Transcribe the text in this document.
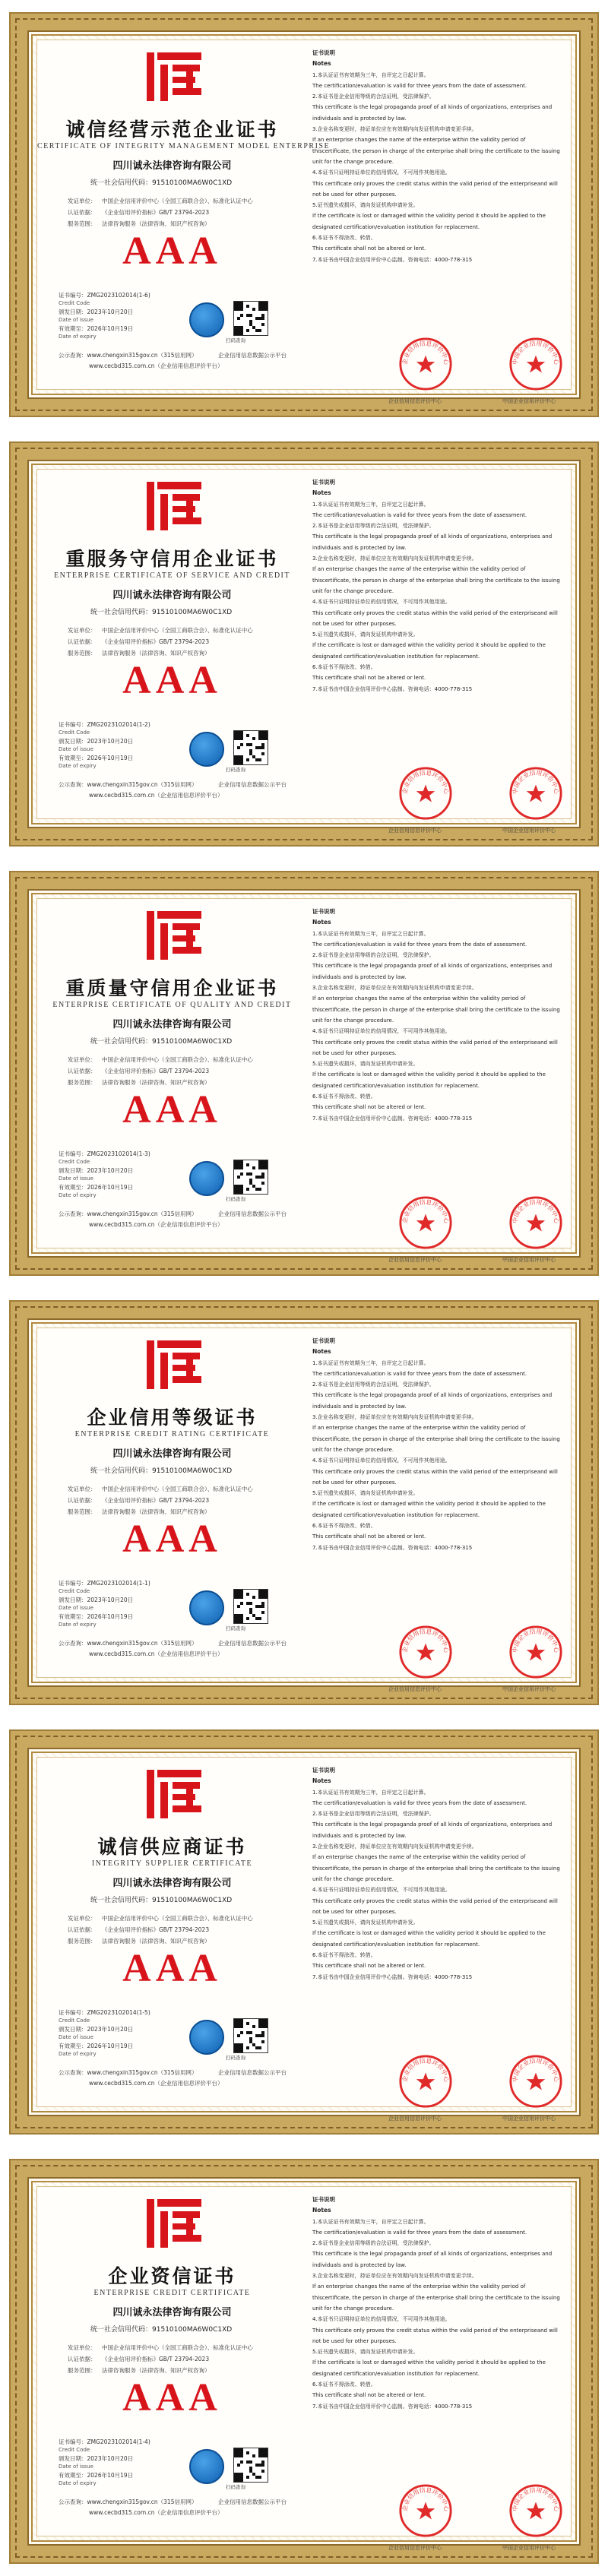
诚信经营示范企业证书
CERTIFICATE OF INTEGRITY MANAGEMENT MODEL ENTERPRISE
四川诚永法律咨询有限公司
统一社会信用代码：91510100MA6W0C1XD
发证单位： 中国企业信用评价中心（全国工商联合会）、标准化认证中心
认证依据： 《企业信用评价指标》GB/T 23794-2023
服务范围： 法律咨询服务（法律咨询、知识产权咨询）
AAA
证书编号：ZMG2023102014(1-6)
Credit Code
颁发日期：2023年10月20日
Date of issue
有效期至：2026年10月19日
Date of expiry
扫码查询
公示查询：www.chengxin315gov.cn（315信用网）
www.cecbd315.com.cn（企业信用信息评价平台）
企业信用信息数据公示平台
证书说明
Notes
1.本认证证书有效期为三年，自评定之日起计算。
The certification/evaluation is valid for three years from the date of assessment.
2.本证书是企业信用等级的合法证明，受法律保护。
This certificate is the legal propaganda proof of all kinds of organizations, enterprises and
individuals and is protected by law.
3.企业名称变更时，持证单位应在有效期内向发证机构申请变更手续。
If an enterprise changes the name of the enterprise within the validity period of
thiscertificate, the person in charge of the enterprise shall bring the certificate to the issuing
unit for the change procedure.
4.本证书只证明持证单位的信用情况，不可用作其他用途。
This certificate only proves the credit status within the valid period of the enterpriseand will
not be used for other purposes.
5.证书遗失或损坏，请向发证机构申请补发。
If the certificate is lost or damaged within the validity period it should be applied to the
designated certification/evaluation institution for replacement.
6.本证书不得涂改、转借。
This certificate shall not be altered or lent.
7.本证书由中国企业信用评价中心监制。咨询电话：4000-778-315
企业信用信息评价中心	中国企业信用评价中心
企业信用信息评价中心	中国企业信用评价中心
重服务守信用企业证书
ENTERPRISE CERTIFICATE OF SERVICE AND CREDIT
四川诚永法律咨询有限公司
统一社会信用代码：91510100MA6W0C1XD
发证单位： 中国企业信用评价中心（全国工商联合会）、标准化认证中心
认证依据： 《企业信用评价指标》GB/T 23794-2023
服务范围： 法律咨询服务（法律咨询、知识产权咨询）
AAA
证书编号：ZMG2023102014(1-2)
Credit Code
颁发日期：2023年10月20日
Date of issue
有效期至：2026年10月19日
Date of expiry
扫码查询
公示查询：www.chengxin315gov.cn（315信用网）
www.cecbd315.com.cn（企业信用信息评价平台）
企业信用信息数据公示平台
证书说明
Notes
1.本认证证书有效期为三年，自评定之日起计算。
The certification/evaluation is valid for three years from the date of assessment.
2.本证书是企业信用等级的合法证明，受法律保护。
This certificate is the legal propaganda proof of all kinds of organizations, enterprises and
individuals and is protected by law.
3.企业名称变更时，持证单位应在有效期内向发证机构申请变更手续。
If an enterprise changes the name of the enterprise within the validity period of
thiscertificate, the person in charge of the enterprise shall bring the certificate to the issuing
unit for the change procedure.
4.本证书只证明持证单位的信用情况，不可用作其他用途。
This certificate only proves the credit status within the valid period of the enterpriseand will
not be used for other purposes.
5.证书遗失或损坏，请向发证机构申请补发。
If the certificate is lost or damaged within the validity period it should be applied to the
designated certification/evaluation institution for replacement.
6.本证书不得涂改、转借。
This certificate shall not be altered or lent.
7.本证书由中国企业信用评价中心监制。咨询电话：4000-778-315
企业信用信息评价中心	中国企业信用评价中心
企业信用信息评价中心	中国企业信用评价中心
重质量守信用企业证书
ENTERPRISE CERTIFICATE OF QUALITY AND CREDIT
四川诚永法律咨询有限公司
统一社会信用代码：91510100MA6W0C1XD
发证单位： 中国企业信用评价中心（全国工商联合会）、标准化认证中心
认证依据： 《企业信用评价指标》GB/T 23794-2023
服务范围： 法律咨询服务（法律咨询、知识产权咨询）
AAA
证书编号：ZMG2023102014(1-3)
Credit Code
颁发日期：2023年10月20日
Date of issue
有效期至：2026年10月19日
Date of expiry
扫码查询
公示查询：www.chengxin315gov.cn（315信用网）
www.cecbd315.com.cn（企业信用信息评价平台）
企业信用信息数据公示平台
证书说明
Notes
1.本认证证书有效期为三年，自评定之日起计算。
The certification/evaluation is valid for three years from the date of assessment.
2.本证书是企业信用等级的合法证明，受法律保护。
This certificate is the legal propaganda proof of all kinds of organizations, enterprises and
individuals and is protected by law.
3.企业名称变更时，持证单位应在有效期内向发证机构申请变更手续。
If an enterprise changes the name of the enterprise within the validity period of
thiscertificate, the person in charge of the enterprise shall bring the certificate to the issuing
unit for the change procedure.
4.本证书只证明持证单位的信用情况，不可用作其他用途。
This certificate only proves the credit status within the valid period of the enterpriseand will
not be used for other purposes.
5.证书遗失或损坏，请向发证机构申请补发。
If the certificate is lost or damaged within the validity period it should be applied to the
designated certification/evaluation institution for replacement.
6.本证书不得涂改、转借。
This certificate shall not be altered or lent.
7.本证书由中国企业信用评价中心监制。咨询电话：4000-778-315
企业信用信息评价中心	中国企业信用评价中心
企业信用信息评价中心	中国企业信用评价中心
企业信用等级证书
ENTERPRISE CREDIT RATING CERTIFICATE
四川诚永法律咨询有限公司
统一社会信用代码：91510100MA6W0C1XD
发证单位： 中国企业信用评价中心（全国工商联合会）、标准化认证中心
认证依据： 《企业信用评价指标》GB/T 23794-2023
服务范围： 法律咨询服务（法律咨询、知识产权咨询）
AAA
证书编号：ZMG2023102014(1-1)
Credit Code
颁发日期：2023年10月20日
Date of issue
有效期至：2026年10月19日
Date of expiry
扫码查询
公示查询：www.chengxin315gov.cn（315信用网）
www.cecbd315.com.cn（企业信用信息评价平台）
企业信用信息数据公示平台
证书说明
Notes
1.本认证证书有效期为三年，自评定之日起计算。
The certification/evaluation is valid for three years from the date of assessment.
2.本证书是企业信用等级的合法证明，受法律保护。
This certificate is the legal propaganda proof of all kinds of organizations, enterprises and
individuals and is protected by law.
3.企业名称变更时，持证单位应在有效期内向发证机构申请变更手续。
If an enterprise changes the name of the enterprise within the validity period of
thiscertificate, the person in charge of the enterprise shall bring the certificate to the issuing
unit for the change procedure.
4.本证书只证明持证单位的信用情况，不可用作其他用途。
This certificate only proves the credit status within the valid period of the enterpriseand will
not be used for other purposes.
5.证书遗失或损坏，请向发证机构申请补发。
If the certificate is lost or damaged within the validity period it should be applied to the
designated certification/evaluation institution for replacement.
6.本证书不得涂改、转借。
This certificate shall not be altered or lent.
7.本证书由中国企业信用评价中心监制。咨询电话：4000-778-315
企业信用信息评价中心	中国企业信用评价中心
企业信用信息评价中心	中国企业信用评价中心
诚信供应商证书
INTEGRITY SUPPLIER CERTIFICATE
四川诚永法律咨询有限公司
统一社会信用代码：91510100MA6W0C1XD
发证单位： 中国企业信用评价中心（全国工商联合会）、标准化认证中心
认证依据： 《企业信用评价指标》GB/T 23794-2023
服务范围： 法律咨询服务（法律咨询、知识产权咨询）
AAA
证书编号：ZMG2023102014(1-5)
Credit Code
颁发日期：2023年10月20日
Date of issue
有效期至：2026年10月19日
Date of expiry
扫码查询
公示查询：www.chengxin315gov.cn（315信用网）
www.cecbd315.com.cn（企业信用信息评价平台）
企业信用信息数据公示平台
证书说明
Notes
1.本认证证书有效期为三年，自评定之日起计算。
The certification/evaluation is valid for three years from the date of assessment.
2.本证书是企业信用等级的合法证明，受法律保护。
This certificate is the legal propaganda proof of all kinds of organizations, enterprises and
individuals and is protected by law.
3.企业名称变更时，持证单位应在有效期内向发证机构申请变更手续。
If an enterprise changes the name of the enterprise within the validity period of
thiscertificate, the person in charge of the enterprise shall bring the certificate to the issuing
unit for the change procedure.
4.本证书只证明持证单位的信用情况，不可用作其他用途。
This certificate only proves the credit status within the valid period of the enterpriseand will
not be used for other purposes.
5.证书遗失或损坏，请向发证机构申请补发。
If the certificate is lost or damaged within the validity period it should be applied to the
designated certification/evaluation institution for replacement.
6.本证书不得涂改、转借。
This certificate shall not be altered or lent.
7.本证书由中国企业信用评价中心监制。咨询电话：4000-778-315
企业信用信息评价中心	中国企业信用评价中心
企业信用信息评价中心	中国企业信用评价中心
企业资信证书
ENTERPRISE CREDIT CERTIFICATE
四川诚永法律咨询有限公司
统一社会信用代码：91510100MA6W0C1XD
发证单位： 中国企业信用评价中心（全国工商联合会）、标准化认证中心
认证依据： 《企业信用评价指标》GB/T 23794-2023
服务范围： 法律咨询服务（法律咨询、知识产权咨询）
AAA
证书编号：ZMG2023102014(1-4)
Credit Code
颁发日期：2023年10月20日
Date of issue
有效期至：2026年10月19日
Date of expiry
扫码查询
公示查询：www.chengxin315gov.cn（315信用网）
www.cecbd315.com.cn（企业信用信息评价平台）
企业信用信息数据公示平台
证书说明
Notes
1.本认证证书有效期为三年，自评定之日起计算。
The certification/evaluation is valid for three years from the date of assessment.
2.本证书是企业信用等级的合法证明，受法律保护。
This certificate is the legal propaganda proof of all kinds of organizations, enterprises and
individuals and is protected by law.
3.企业名称变更时，持证单位应在有效期内向发证机构申请变更手续。
If an enterprise changes the name of the enterprise within the validity period of
thiscertificate, the person in charge of the enterprise shall bring the certificate to the issuing
unit for the change procedure.
4.本证书只证明持证单位的信用情况，不可用作其他用途。
This certificate only proves the credit status within the valid period of the enterpriseand will
not be used for other purposes.
5.证书遗失或损坏，请向发证机构申请补发。
If the certificate is lost or damaged within the validity period it should be applied to the
designated certification/evaluation institution for replacement.
6.本证书不得涂改、转借。
This certificate shall not be altered or lent.
7.本证书由中国企业信用评价中心监制。咨询电话：4000-778-315
企业信用信息评价中心	中国企业信用评价中心
企业信用信息评价中心	中国企业信用评价中心
